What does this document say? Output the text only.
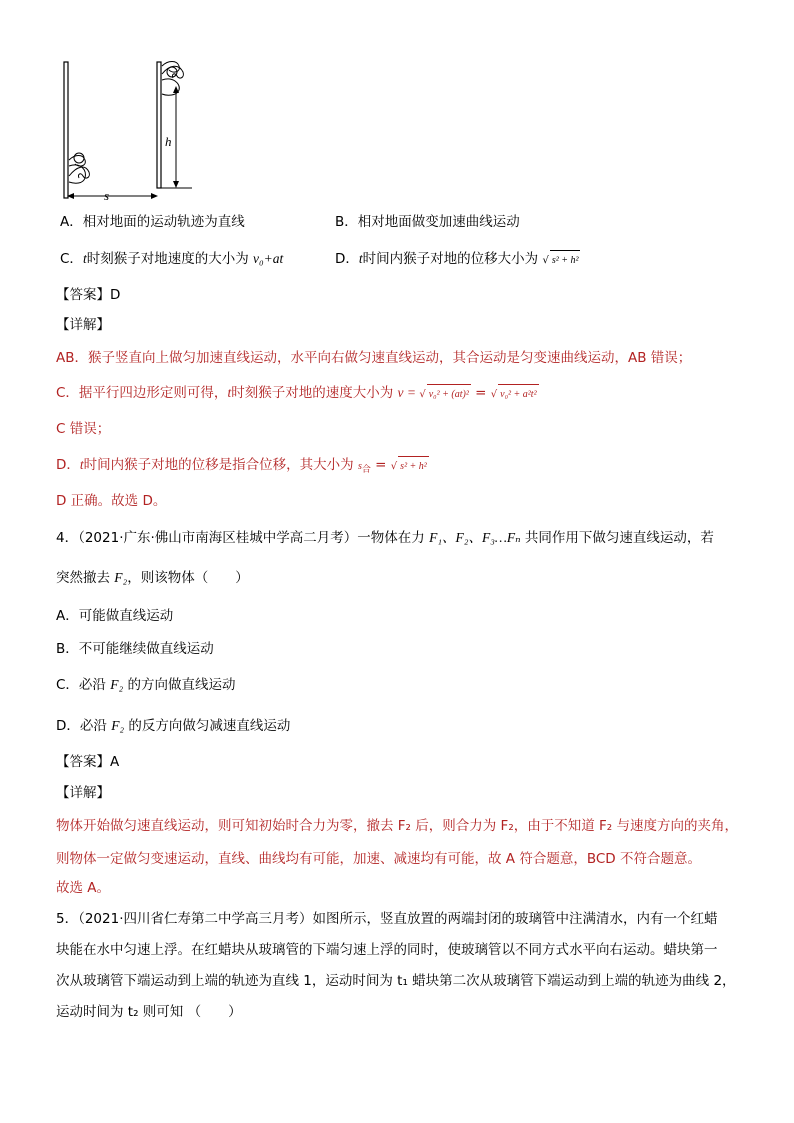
h
s
A．相对地面的运动轨迹为直线	B．相对地面做变加速曲线运动
C．t时刻猴子对地速度的大小为 v₀+at	D．t时间内猴子对地的位移大小为 √ s² + h²
【答案】D
【详解】
AB．猴子竖直向上做匀加速直线运动，水平向右做匀速直线运动，其合运动是匀变速曲线运动，AB 错误；
C．据平行四边形定则可得，t时刻猴子对地的速度大小为 v = √ v₀² + (at)² = √ v₀² + a²t²
C 错误；
D．t时间内猴子对地的位移是指合位移，其大小为 $s_合$ = √ s² + h²
D 正确。故选 D。
4．（2021·广东·佛山市南海区桂城中学高二月考）一物体在力 F₁、F₂、F₃…Fₙ 共同作用下做匀速直线运动，若
突然撤去 F₂，则该物体（　　）
A．可能做直线运动
B．不可能继续做直线运动
C．必沿 F₂ 的方向做直线运动
D．必沿 F₂ 的反方向做匀减速直线运动
【答案】A
【详解】
物体开始做匀速直线运动，则可知初始时合力为零，撤去 F₂ 后，则合力为 F₂，由于不知道 F₂ 与速度方向的夹角，
则物体一定做匀变速运动，直线、曲线均有可能，加速、减速均有可能，故 A 符合题意，BCD 不符合题意。
故选 A。
5．（2021·四川省仁寿第二中学高三月考）如图所示，竖直放置的两端封闭的玻璃管中注满清水，内有一个红蜡
块能在水中匀速上浮。在红蜡块从玻璃管的下端匀速上浮的同时，使玻璃管以不同方式水平向右运动。蜡块第一
次从玻璃管下端运动到上端的轨迹为直线 1，运动时间为 t₁ 蜡块第二次从玻璃管下端运动到上端的轨迹为曲线 2，
运动时间为 t₂ 则可知 （　　）
